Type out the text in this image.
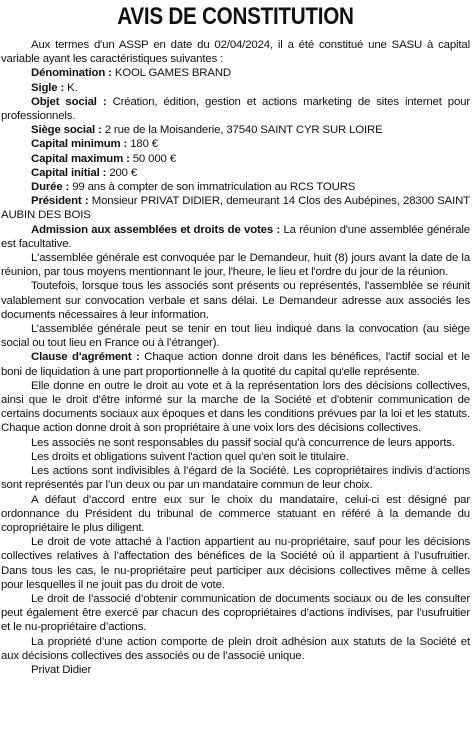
AVIS DE CONSTITUTION

Aux termes d'un ASSP en date du 02/04/2024, il a été constitué une SASU à capital variable ayant les caractéristiques suivantes :

Dénomination : KOOL GAMES BRAND

Sigle : K.

Objet social : Création, édition, gestion et actions marketing de sites internet pour professionnels.

Siège social : 2 rue de la Moisanderie, 37540 SAINT CYR SUR LOIRE

Capital minimum : 180 €

Capital maximum : 50 000 €

Capital initial : 200 €

Durée : 99 ans à compter de son immatriculation au RCS TOURS

Président : Monsieur PRIVAT DIDIER, demeurant 14 Clos des Aubépines, 28300 SAINT AUBIN DES BOIS

Admission aux assemblées et droits de votes : La réunion d'une assemblée générale est facultative.

L'assemblée générale est convoquée par le Demandeur, huit (8) jours avant la date de la réunion, par tous moyens mentionnant le jour, l'heure, le lieu et l'ordre du jour de la réunion.

Toutefois, lorsque tous les associés sont présents ou représentés, l'assemblée se réunit valablement sur convocation verbale et sans délai. Le Demandeur adresse aux associés les documents nécessaires à leur information.

L’assemblée générale peut se tenir en tout lieu indiqué dans la convocation (au siège social ou tout lieu en France ou à l’étranger).

Clause d'agrément : Chaque action donne droit dans les bénéfices, l'actif social et le boni de liquidation à une part proportionnelle à la quotité du capital qu'elle représente.

Elle donne en outre le droit au vote et à la représentation lors des décisions collectives, ainsi que le droit d'être informé sur la marche de la Société et d'obtenir communication de certains documents sociaux aux époques et dans les conditions prévues par la loi et les statuts. Chaque action donne droit à son propriétaire à une voix lors des décisions collectives.

Les associés ne sont responsables du passif social qu'à concurrence de leurs apports.

Les droits et obligations suivent l'action quel qu'en soit le titulaire.

Les actions sont indivisibles à l’égard de la Société. Les copropriétaires indivis d’actions sont représentés par l’un deux ou par un mandataire commun de leur choix.

A défaut d’accord entre eux sur le choix du mandataire, celui-ci est désigné par ordonnance du Président du tribunal de commerce statuant en référé à la demande du copropriétaire le plus diligent.

Le droit de vote attaché à l’action appartient au nu-propriétaire, sauf pour les décisions collectives relatives à l’affectation des bénéfices de la Société où il appartient à l’usufruitier. Dans tous les cas, le nu-propriétaire peut participer aux décisions collectives même à celles pour lesquelles il ne jouit pas du droit de vote.

Le droit de l’associé d’obtenir communication de documents sociaux ou de les consulter peut également être exercé par chacun des copropriétaires d’actions indivises, par l’usufruitier et le nu-propriétaire d’actions.

La propriété d’une action comporte de plein droit adhésion aux statuts de la Société et aux décisions collectives des associés ou de l’associé unique.

Privat Didier
